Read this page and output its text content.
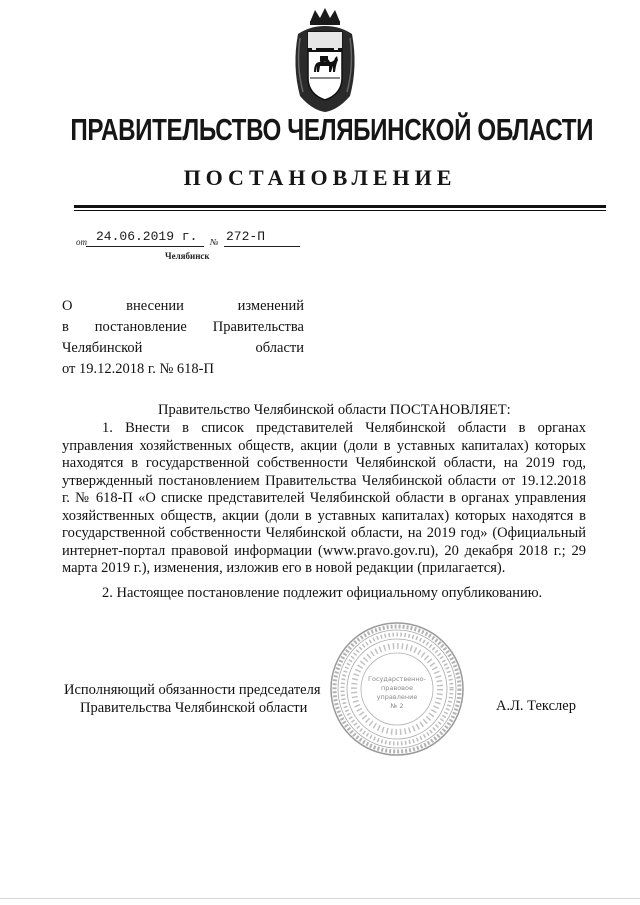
ПРАВИТЕЛЬСТВО ЧЕЛЯБИНСКОЙ ОБЛАСТИ
ПОСТАНОВЛЕНИЕ
от 24.06.2019 г. № 272-П
Челябинск
О внесении изменений
в постановление Правительства
Челябинской области
от 19.12.2018 г. № 618-П
Правительство Челябинской области ПОСТАНОВЛЯЕТ:

1. Внести в список представителей Челябинской области в органах управления хозяйственных обществ, акции (доли в уставных капиталах) которых находятся в государственной собственности Челябинской области, на 2019 год, утвержденный постановлением Правительства Челябинской области от 19.12.2018 г. № 618-П «О списке представителей Челябинской области в органах управления хозяйственных обществ, акции (доли в уставных капиталах) которых находятся в государственной собственности Челябинской области, на 2019 год» (Официальный интернет-портал правовой информации (www.pravo.gov.ru), 20 декабря 2018 г.; 29 марта 2019 г.), изменения, изложив его в новой редакции (прилагается).

2. Настоящее постановление подлежит официальному опубликованию.

Государственно-
правовое
управление
№ 2
Исполняющий обязанности председателя
Правительства Челябинской области	А.Л. Текслер
